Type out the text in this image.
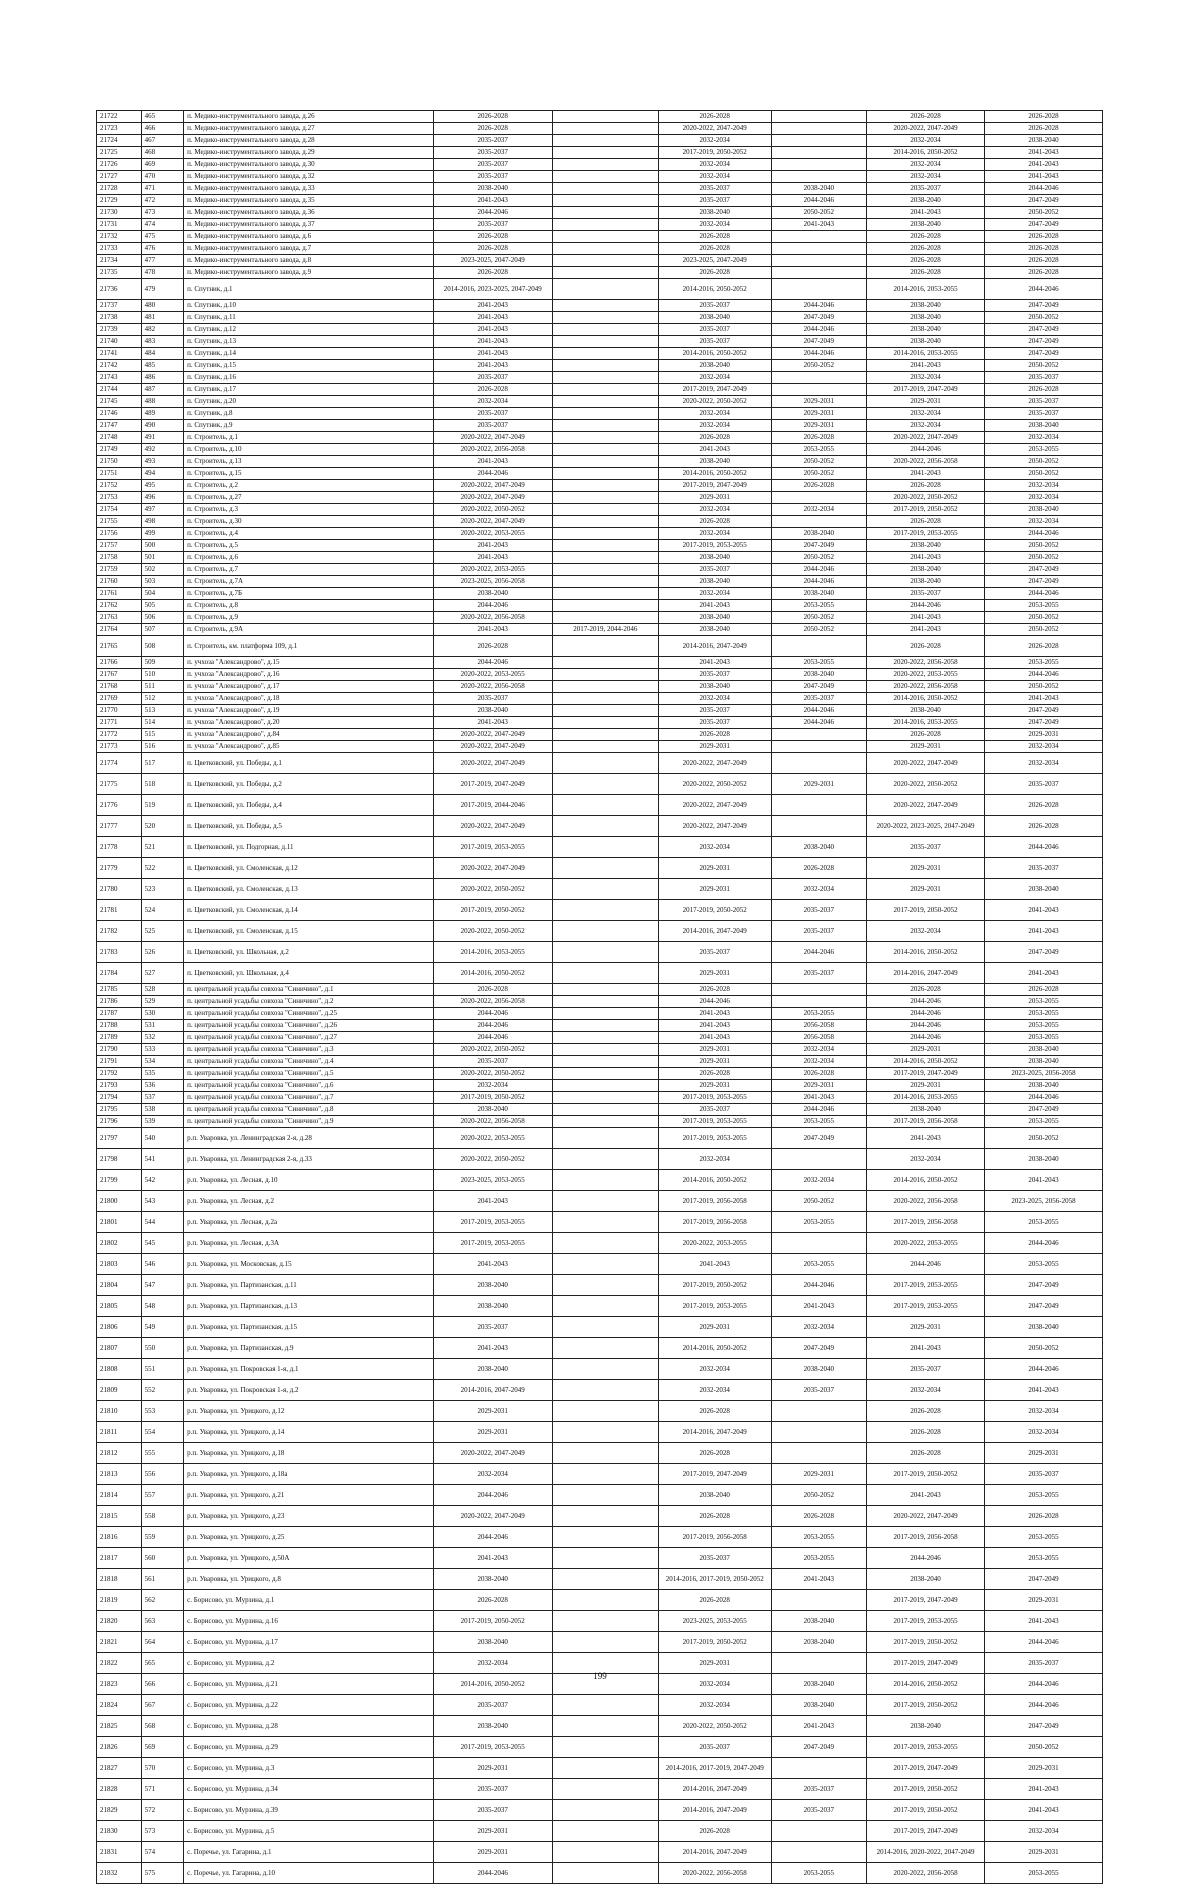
21722	465	п. Медико-инструментального завода, д.26	2026-2028		2026-2028		2026-2028	2026-2028
21723	466	п. Медико-инструментального завода, д.27	2026-2028		2020-2022, 2047-2049		2020-2022, 2047-2049	2026-2028
21724	467	п. Медико-инструментального завода, д.28	2035-2037		2032-2034		2032-2034	2038-2040
21725	468	п. Медико-инструментального завода, д.29	2035-2037		2017-2019, 2050-2052		2014-2016, 2050-2052	2041-2043
21726	469	п. Медико-инструментального завода, д.30	2035-2037		2032-2034		2032-2034	2041-2043
21727	470	п. Медико-инструментального завода, д.32	2035-2037		2032-2034		2032-2034	2041-2043
21728	471	п. Медико-инструментального завода, д.33	2038-2040		2035-2037	2038-2040	2035-2037	2044-2046
21729	472	п. Медико-инструментального завода, д.35	2041-2043		2035-2037	2044-2046	2038-2040	2047-2049
21730	473	п. Медико-инструментального завода, д.36	2044-2046		2038-2040	2050-2052	2041-2043	2050-2052
21731	474	п. Медико-инструментального завода, д.37	2035-2037		2032-2034	2041-2043	2038-2040	2047-2049
21732	475	п. Медико-инструментального завода, д.6	2026-2028		2026-2028		2026-2028	2026-2028
21733	476	п. Медико-инструментального завода, д.7	2026-2028		2026-2028		2026-2028	2026-2028
21734	477	п. Медико-инструментального завода, д.8	2023-2025, 2047-2049		2023-2025, 2047-2049		2026-2028	2026-2028
21735	478	п. Медико-инструментального завода, д.9	2026-2028		2026-2028		2026-2028	2026-2028
21736	479	п. Спутник, д.1	2014-2016, 2023-2025, 2047-2049		2014-2016, 2050-2052		2014-2016, 2053-2055	2044-2046
21737	480	п. Спутник, д.10	2041-2043		2035-2037	2044-2046	2038-2040	2047-2049
21738	481	п. Спутник, д.11	2041-2043		2038-2040	2047-2049	2038-2040	2050-2052
21739	482	п. Спутник, д.12	2041-2043		2035-2037	2044-2046	2038-2040	2047-2049
21740	483	п. Спутник, д.13	2041-2043		2035-2037	2047-2049	2038-2040	2047-2049
21741	484	п. Спутник, д.14	2041-2043		2014-2016, 2050-2052	2044-2046	2014-2016, 2053-2055	2047-2049
21742	485	п. Спутник, д.15	2041-2043		2038-2040	2050-2052	2041-2043	2050-2052
21743	486	п. Спутник, д.16	2035-2037		2032-2034		2032-2034	2035-2037
21744	487	п. Спутник, д.17	2026-2028		2017-2019, 2047-2049		2017-2019, 2047-2049	2026-2028
21745	488	п. Спутник, д.20	2032-2034		2020-2022, 2050-2052	2029-2031	2029-2031	2035-2037
21746	489	п. Спутник, д.8	2035-2037		2032-2034	2029-2031	2032-2034	2035-2037
21747	490	п. Спутник, д.9	2035-2037		2032-2034	2029-2031	2032-2034	2038-2040
21748	491	п. Строитель, д.1	2020-2022, 2047-2049		2026-2028	2026-2028	2020-2022, 2047-2049	2032-2034
21749	492	п. Строитель, д.10	2020-2022, 2056-2058		2041-2043	2053-2055	2044-2046	2053-2055
21750	493	п. Строитель, д.13	2041-2043		2038-2040	2050-2052	2020-2022, 2056-2058	2050-2052
21751	494	п. Строитель, д.15	2044-2046		2014-2016, 2050-2052	2050-2052	2041-2043	2050-2052
21752	495	п. Строитель, д.2	2020-2022, 2047-2049		2017-2019, 2047-2049	2026-2028	2026-2028	2032-2034
21753	496	п. Строитель, д.27	2020-2022, 2047-2049		2029-2031		2020-2022, 2050-2052	2032-2034
21754	497	п. Строитель, д.3	2020-2022, 2050-2052		2032-2034	2032-2034	2017-2019, 2050-2052	2038-2040
21755	498	п. Строитель, д.30	2020-2022, 2047-2049		2026-2028		2026-2028	2032-2034
21756	499	п. Строитель, д.4	2020-2022, 2053-2055		2032-2034	2038-2040	2017-2019, 2053-2055	2044-2046
21757	500	п. Строитель, д.5	2041-2043		2017-2019, 2053-2055	2047-2049	2038-2040	2050-2052
21758	501	п. Строитель, д.6	2041-2043		2038-2040	2050-2052	2041-2043	2050-2052
21759	502	п. Строитель, д.7	2020-2022, 2053-2055		2035-2037	2044-2046	2038-2040	2047-2049
21760	503	п. Строитель, д.7А	2023-2025, 2056-2058		2038-2040	2044-2046	2038-2040	2047-2049
21761	504	п. Строитель, д.7Б	2038-2040		2032-2034	2038-2040	2035-2037	2044-2046
21762	505	п. Строитель, д.8	2044-2046		2041-2043	2053-2055	2044-2046	2053-2055
21763	506	п. Строитель, д.9	2020-2022, 2056-2058		2038-2040	2050-2052	2041-2043	2050-2052
21764	507	п. Строитель, д.9А	2041-2043	2017-2019, 2044-2046	2038-2040	2050-2052	2041-2043	2050-2052
21765	508	п. Строитель, км. платформа 109, д.1	2026-2028		2014-2016, 2047-2049		2026-2028	2026-2028
21766	509	п. учхоза "Александрово", д.15	2044-2046		2041-2043	2053-2055	2020-2022, 2056-2058	2053-2055
21767	510	п. учхоза "Александрово", д.16	2020-2022, 2053-2055		2035-2037	2038-2040	2020-2022, 2053-2055	2044-2046
21768	511	п. учхоза "Александрово", д.17	2020-2022, 2056-2058		2038-2040	2047-2049	2020-2022, 2056-2058	2050-2052
21769	512	п. учхоза "Александрово", д.18	2035-2037		2032-2034	2035-2037	2014-2016, 2050-2052	2041-2043
21770	513	п. учхоза "Александрово", д.19	2038-2040		2035-2037	2044-2046	2038-2040	2047-2049
21771	514	п. учхоза "Александрово", д.20	2041-2043		2035-2037	2044-2046	2014-2016, 2053-2055	2047-2049
21772	515	п. учхоза "Александрово", д.84	2020-2022, 2047-2049		2026-2028		2026-2028	2029-2031
21773	516	п. учхоза "Александрово", д.85	2020-2022, 2047-2049		2029-2031		2029-2031	2032-2034
21774	517	п. Цветковский, ул. Победы, д.1	2020-2022, 2047-2049		2020-2022, 2047-2049		2020-2022, 2047-2049	2032-2034
21775	518	п. Цветковский, ул. Победы, д.2	2017-2019, 2047-2049		2020-2022, 2050-2052	2029-2031	2020-2022, 2050-2052	2035-2037
21776	519	п. Цветковский, ул. Победы, д.4	2017-2019, 2044-2046		2020-2022, 2047-2049		2020-2022, 2047-2049	2026-2028
21777	520	п. Цветковский, ул. Победы, д.5	2020-2022, 2047-2049		2020-2022, 2047-2049		2020-2022, 2023-2025, 2047-2049	2026-2028
21778	521	п. Цветковский, ул. Подгорная, д.11	2017-2019, 2053-2055		2032-2034	2038-2040	2035-2037	2044-2046
21779	522	п. Цветковский, ул. Смоленская, д.12	2020-2022, 2047-2049		2029-2031	2026-2028	2029-2031	2035-2037
21780	523	п. Цветковский, ул. Смоленская, д.13	2020-2022, 2050-2052		2029-2031	2032-2034	2029-2031	2038-2040
21781	524	п. Цветковский, ул. Смоленская, д.14	2017-2019, 2050-2052		2017-2019, 2050-2052	2035-2037	2017-2019, 2050-2052	2041-2043
21782	525	п. Цветковский, ул. Смоленская, д.15	2020-2022, 2050-2052		2014-2016, 2047-2049	2035-2037	2032-2034	2041-2043
21783	526	п. Цветковский, ул. Школьная, д.2	2014-2016, 2053-2055		2035-2037	2044-2046	2014-2016, 2050-2052	2047-2049
21784	527	п. Цветковский, ул. Школьная, д.4	2014-2016, 2050-2052		2029-2031	2035-2037	2014-2016, 2047-2049	2041-2043
21785	528	п. центральной усадьбы совхоза "Синичино", д.1	2026-2028		2026-2028		2026-2028	2026-2028
21786	529	п. центральной усадьбы совхоза "Синичино", д.2	2020-2022, 2056-2058		2044-2046		2044-2046	2053-2055
21787	530	п. центральной усадьбы совхоза "Синичино", д.25	2044-2046		2041-2043	2053-2055	2044-2046	2053-2055
21788	531	п. центральной усадьбы совхоза "Синичино", д.26	2044-2046		2041-2043	2056-2058	2044-2046	2053-2055
21789	532	п. центральной усадьбы совхоза "Синичино", д.27	2044-2046		2041-2043	2056-2058	2044-2046	2053-2055
21790	533	п. центральной усадьбы совхоза "Синичино", д.3	2020-2022, 2050-2052		2029-2031	2032-2034	2029-2031	2038-2040
21791	534	п. центральной усадьбы совхоза "Синичино", д.4	2035-2037		2029-2031	2032-2034	2014-2016, 2050-2052	2038-2040
21792	535	п. центральной усадьбы совхоза "Синичино", д.5	2020-2022, 2050-2052		2026-2028	2026-2028	2017-2019, 2047-2049	2023-2025, 2056-2058
21793	536	п. центральной усадьбы совхоза "Синичино", д.6	2032-2034		2029-2031	2029-2031	2029-2031	2038-2040
21794	537	п. центральной усадьбы совхоза "Синичино", д.7	2017-2019, 2050-2052		2017-2019, 2053-2055	2041-2043	2014-2016, 2053-2055	2044-2046
21795	538	п. центральной усадьбы совхоза "Синичино", д.8	2038-2040		2035-2037	2044-2046	2038-2040	2047-2049
21796	539	п. центральной усадьбы совхоза "Синичино", д.9	2020-2022, 2056-2058		2017-2019, 2053-2055	2053-2055	2017-2019, 2056-2058	2053-2055
21797	540	р.п. Уваровка, ул. Ленинградская 2-я, д.28	2020-2022, 2053-2055		2017-2019, 2053-2055	2047-2049	2041-2043	2050-2052
21798	541	р.п. Уваровка, ул. Ленинградская 2-я, д.33	2020-2022, 2050-2052		2032-2034		2032-2034	2038-2040
21799	542	р.п. Уваровка, ул. Лесная, д.10	2023-2025, 2053-2055		2014-2016, 2050-2052	2032-2034	2014-2016, 2050-2052	2041-2043
21800	543	р.п. Уваровка, ул. Лесная, д.2	2041-2043		2017-2019, 2056-2058	2050-2052	2020-2022, 2056-2058	2023-2025, 2056-2058
21801	544	р.п. Уваровка, ул. Лесная, д.2а	2017-2019, 2053-2055		2017-2019, 2056-2058	2053-2055	2017-2019, 2056-2058	2053-2055
21802	545	р.п. Уваровка, ул. Лесная, д.3А	2017-2019, 2053-2055		2020-2022, 2053-2055		2020-2022, 2053-2055	2044-2046
21803	546	р.п. Уваровка, ул. Московская, д.15	2041-2043		2041-2043	2053-2055	2044-2046	2053-2055
21804	547	р.п. Уваровка, ул. Партизанская, д.11	2038-2040		2017-2019, 2050-2052	2044-2046	2017-2019, 2053-2055	2047-2049
21805	548	р.п. Уваровка, ул. Партизанская, д.13	2038-2040		2017-2019, 2053-2055	2041-2043	2017-2019, 2053-2055	2047-2049
21806	549	р.п. Уваровка, ул. Партизанская, д.15	2035-2037		2029-2031	2032-2034	2029-2031	2038-2040
21807	550	р.п. Уваровка, ул. Партизанская, д.9	2041-2043		2014-2016, 2050-2052	2047-2049	2041-2043	2050-2052
21808	551	р.п. Уваровка, ул. Покровская 1-я, д.1	2038-2040		2032-2034	2038-2040	2035-2037	2044-2046
21809	552	р.п. Уваровка, ул. Покровская 1-я, д.2	2014-2016, 2047-2049		2032-2034	2035-2037	2032-2034	2041-2043
21810	553	р.п. Уваровка, ул. Урицкого, д.12	2029-2031		2026-2028		2026-2028	2032-2034
21811	554	р.п. Уваровка, ул. Урицкого, д.14	2029-2031		2014-2016, 2047-2049		2026-2028	2032-2034
21812	555	р.п. Уваровка, ул. Урицкого, д.18	2020-2022, 2047-2049		2026-2028		2026-2028	2029-2031
21813	556	р.п. Уваровка, ул. Урицкого, д.18а	2032-2034		2017-2019, 2047-2049	2029-2031	2017-2019, 2050-2052	2035-2037
21814	557	р.п. Уваровка, ул. Урицкого, д.21	2044-2046		2038-2040	2050-2052	2041-2043	2053-2055
21815	558	р.п. Уваровка, ул. Урицкого, д.23	2020-2022, 2047-2049		2026-2028	2026-2028	2020-2022, 2047-2049	2026-2028
21816	559	р.п. Уваровка, ул. Урицкого, д.25	2044-2046		2017-2019, 2056-2058	2053-2055	2017-2019, 2056-2058	2053-2055
21817	560	р.п. Уваровка, ул. Урицкого, д.50А	2041-2043		2035-2037	2053-2055	2044-2046	2053-2055
21818	561	р.п. Уваровка, ул. Урицкого, д.8	2038-2040		2014-2016, 2017-2019, 2050-2052	2041-2043	2038-2040	2047-2049
21819	562	с. Борисово, ул. Мурзина, д.1	2026-2028		2026-2028		2017-2019, 2047-2049	2029-2031
21820	563	с. Борисово, ул. Мурзина, д.16	2017-2019, 2050-2052		2023-2025, 2053-2055	2038-2040	2017-2019, 2053-2055	2041-2043
21821	564	с. Борисово, ул. Мурзина, д.17	2038-2040		2017-2019, 2050-2052	2038-2040	2017-2019, 2050-2052	2044-2046
21822	565	с. Борисово, ул. Мурзина, д.2	2032-2034		2029-2031		2017-2019, 2047-2049	2035-2037
21823	566	с. Борисово, ул. Мурзина, д.21	2014-2016, 2050-2052		2032-2034	2038-2040	2014-2016, 2050-2052	2044-2046
21824	567	с. Борисово, ул. Мурзина, д.22	2035-2037		2032-2034	2038-2040	2017-2019, 2050-2052	2044-2046
21825	568	с. Борисово, ул. Мурзина, д.28	2038-2040		2020-2022, 2050-2052	2041-2043	2038-2040	2047-2049
21826	569	с. Борисово, ул. Мурзина, д.29	2017-2019, 2053-2055		2035-2037	2047-2049	2017-2019, 2053-2055	2050-2052
21827	570	с. Борисово, ул. Мурзина, д.3	2029-2031		2014-2016, 2017-2019, 2047-2049		2017-2019, 2047-2049	2029-2031
21828	571	с. Борисово, ул. Мурзина, д.34	2035-2037		2014-2016, 2047-2049	2035-2037	2017-2019, 2050-2052	2041-2043
21829	572	с. Борисово, ул. Мурзина, д.39	2035-2037		2014-2016, 2047-2049	2035-2037	2017-2019, 2050-2052	2041-2043
21830	573	с. Борисово, ул. Мурзина, д.5	2029-2031		2026-2028		2017-2019, 2047-2049	2032-2034
21831	574	с. Поречье, ул. Гагарина, д.1	2029-2031		2014-2016, 2047-2049		2014-2016, 2020-2022, 2047-2049	2029-2031
21832	575	с. Поречье, ул. Гагарина, д.10	2044-2046		2020-2022, 2056-2058	2053-2055	2020-2022, 2056-2058	2053-2055
199
